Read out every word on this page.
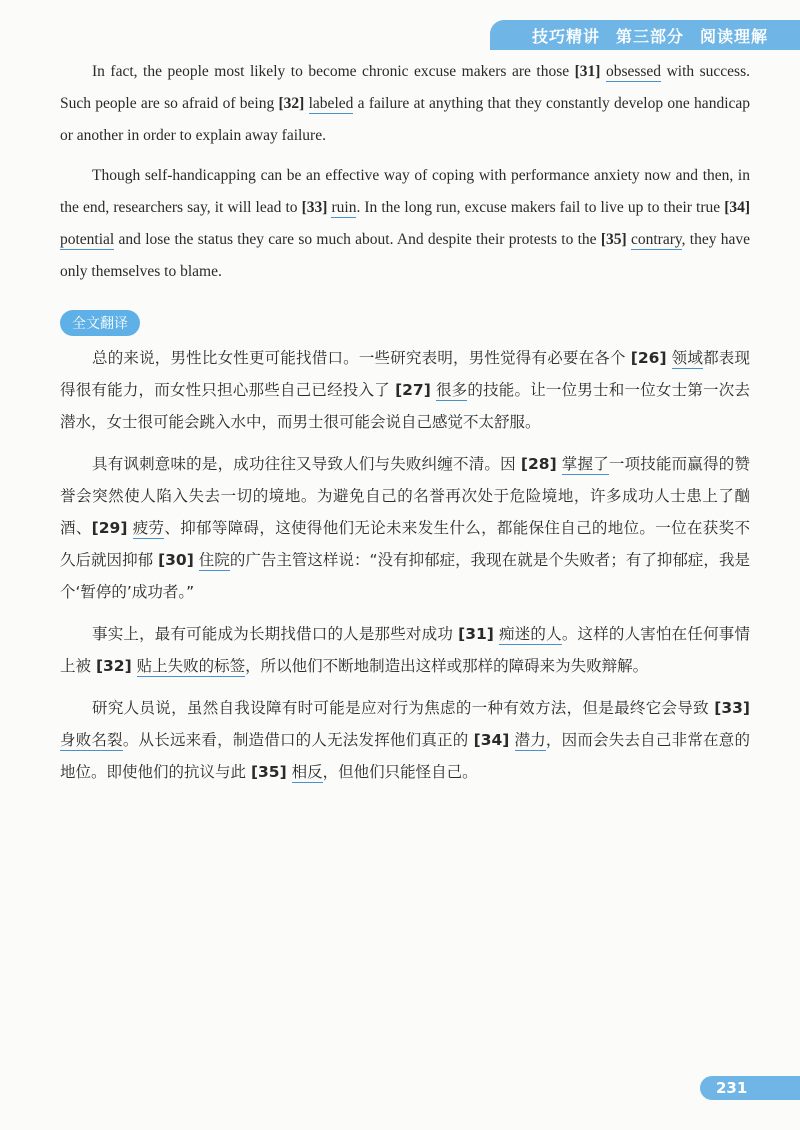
技巧精讲 第三部分 阅读理解

In fact, the people most likely to become chronic excuse makers are those [31] obsessed with success. Such people are so afraid of being [32] labeled a failure at anything that they constantly develop one handicap or another in order to explain away failure.

Though self-handicapping can be an effective way of coping with performance anxiety now and then, in the end, researchers say, it will lead to [33] ruin. In the long run, excuse makers fail to live up to their true [34] potential and lose the status they care so much about. And despite their protests to the [35] contrary, they have only themselves to blame.

全文翻译

总的来说，男性比女性更可能找借口。一些研究表明，男性觉得有必要在各个 [26] 领域都表现得很有能力，而女性只担心那些自己已经投入了 [27] 很多的技能。让一位男士和一位女士第一次去潜水，女士很可能会跳入水中，而男士很可能会说自己感觉不太舒服。

具有讽刺意味的是，成功往往又导致人们与失败纠缠不清。因 [28] 掌握了一项技能而赢得的赞誉会突然使人陷入失去一切的境地。为避免自己的名誉再次处于危险境地，许多成功人士患上了酗酒、[29] 疲劳、抑郁等障碍，这使得他们无论未来发生什么，都能保住自己的地位。一位在获奖不久后就因抑郁 [30] 住院的广告主管这样说：“没有抑郁症，我现在就是个失败者；有了抑郁症，我是个‘暂停的’成功者。”

事实上，最有可能成为长期找借口的人是那些对成功 [31] 痴迷的人。这样的人害怕在任何事情上被 [32] 贴上失败的标签，所以他们不断地制造出这样或那样的障碍来为失败辩解。

研究人员说，虽然自我设障有时可能是应对行为焦虑的一种有效方法，但是最终它会导致 [33] 身败名裂。从长远来看，制造借口的人无法发挥他们真正的 [34] 潜力，因而会失去自己非常在意的地位。即使他们的抗议与此 [35] 相反，但他们只能怪自己。

231
